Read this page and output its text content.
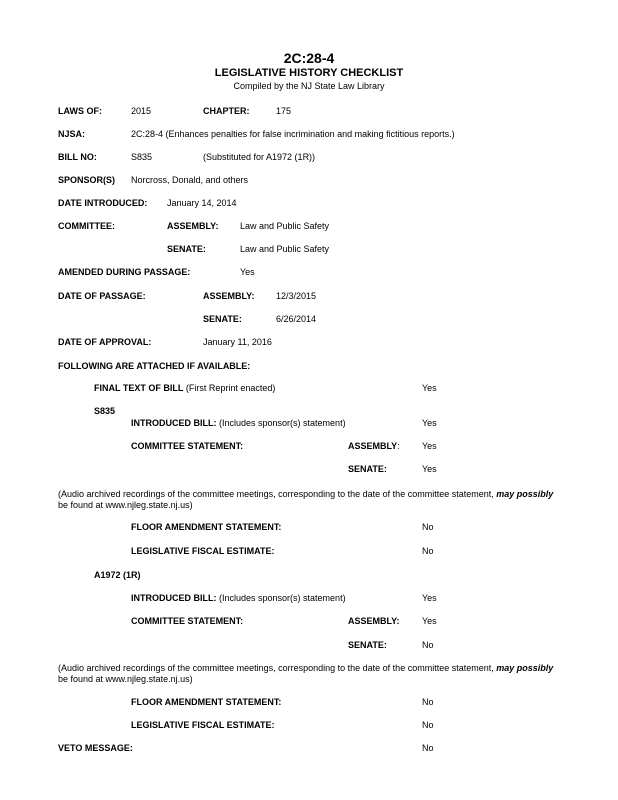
2C:28-4
LEGISLATIVE HISTORY CHECKLIST
Compiled by the NJ State Law Library
LAWS OF:	2015	CHAPTER:	175
NJSA:	2C:28-4 (Enhances penalties for false incrimination and making fictitious reports.)
BILL NO:	S835	(Substituted for A1972 (1R))
SPONSOR(S) Norcross, Donald, and others
DATE INTRODUCED: January 14, 2014
COMMITTEE:	ASSEMBLY: Law and Public Safety
SENATE:	Law and Public Safety
AMENDED DURING PASSAGE:	Yes
DATE OF PASSAGE:	ASSEMBLY: 12/3/2015
SENATE:	6/26/2014
DATE OF APPROVAL:	January 11, 2016
FOLLOWING ARE ATTACHED IF AVAILABLE:
FINAL TEXT OF BILL (First Reprint enacted)	Yes
S835
INTRODUCED BILL: (Includes sponsor(s) statement)	Yes
COMMITTEE STATEMENT:	ASSEMBLY: Yes
SENATE:	Yes
(Audio archived recordings of the committee meetings, corresponding to the date of the committee statement, may possibly
be found at www.njleg.state.nj.us)
FLOOR AMENDMENT STATEMENT:	No
LEGISLATIVE FISCAL ESTIMATE:	No
A1972 (1R)
INTRODUCED BILL: (Includes sponsor(s) statement)	Yes
COMMITTEE STATEMENT:	ASSEMBLY: Yes
SENATE:	No
(Audio archived recordings of the committee meetings, corresponding to the date of the committee statement, may possibly
be found at www.njleg.state.nj.us)
FLOOR AMENDMENT STATEMENT:	No
LEGISLATIVE FISCAL ESTIMATE:	No
VETO MESSAGE:	No
